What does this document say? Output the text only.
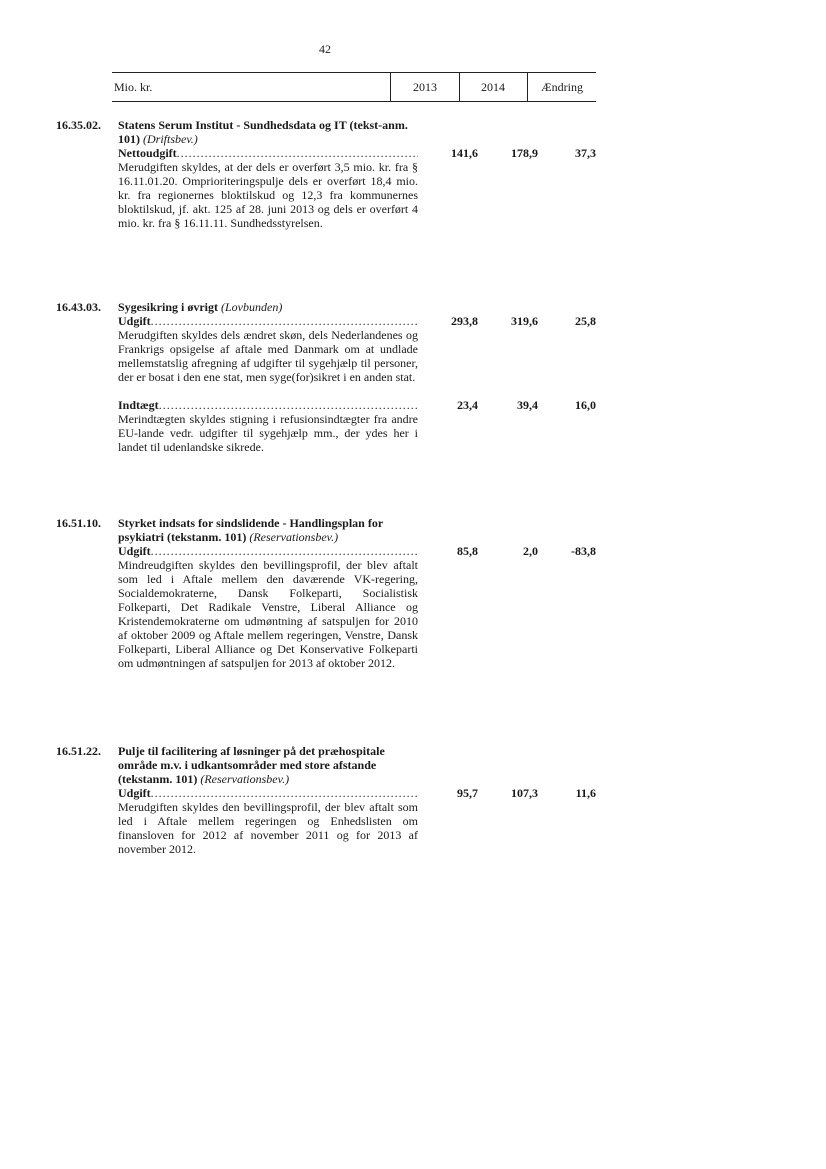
42
Mio. kr.	2013	2014	Ændring
16.35.02. Statens Serum Institut - Sundhedsdata og IT (tekst-anm. 101) (Driftsbev.)
Nettoudgift .....	141,6	178,9	37,3
Merudgiften skyldes, at der dels er overført 3,5 mio. kr. fra § 16.11.01.20. Omprioriteringspulje dels er overført 18,4 mio. kr. fra regionernes bloktilskud og 12,3 fra kommunernes bloktilskud, jf. akt. 125 af 28. juni 2013 og dels er overført 4 mio. kr. fra § 16.11.11. Sundhedsstyrelsen.
16.43.03. Sygesikring i øvrigt (Lovbunden)
Udgift .....	293,8	319,6	25,8
Merudgiften skyldes dels ændret skøn, dels Nederlandenes og Frankrigs opsigelse af aftale med Danmark om at undlade mellemstatslig afregning af udgifter til sygehjælp til personer, der er bosat i den ene stat, men syge(for)sikret i en anden stat.
Indtægt .....	23,4	39,4	16,0
Merindtægten skyldes stigning i refusionsindtægter fra andre EU-lande vedr. udgifter til sygehjælp mm., der ydes her i landet til udenlandske sikrede.
16.51.10. Styrket indsats for sindslidende - Handlingsplan for psykiatri (tekstanm. 101) (Reservationsbev.)
Udgift .....	85,8	2,0	-83,8
Mindreudgiften skyldes den bevillingsprofil, der blev aftalt som led i Aftale mellem den daværende VK-regering, Socialdemokraterne, Dansk Folkeparti, Socialistisk Folkeparti, Det Radikale Venstre, Liberal Alliance og Kristendemokraterne om udmøntning af satspuljen for 2010 af oktober 2009 og Aftale mellem regeringen, Venstre, Dansk Folkeparti, Liberal Alliance og Det Konservative Folkeparti om udmøntningen af satspuljen for 2013 af oktober 2012.
16.51.22. Pulje til facilitering af løsninger på det præhospitale område m.v. i udkantsområder med store afstande (tekstanm. 101) (Reservationsbev.)
Udgift .....	95,7	107,3	11,6
Merudgiften skyldes den bevillingsprofil, der blev aftalt som led i Aftale mellem regeringen og Enhedslisten om finansloven for 2012 af november 2011 og for 2013 af november 2012.
